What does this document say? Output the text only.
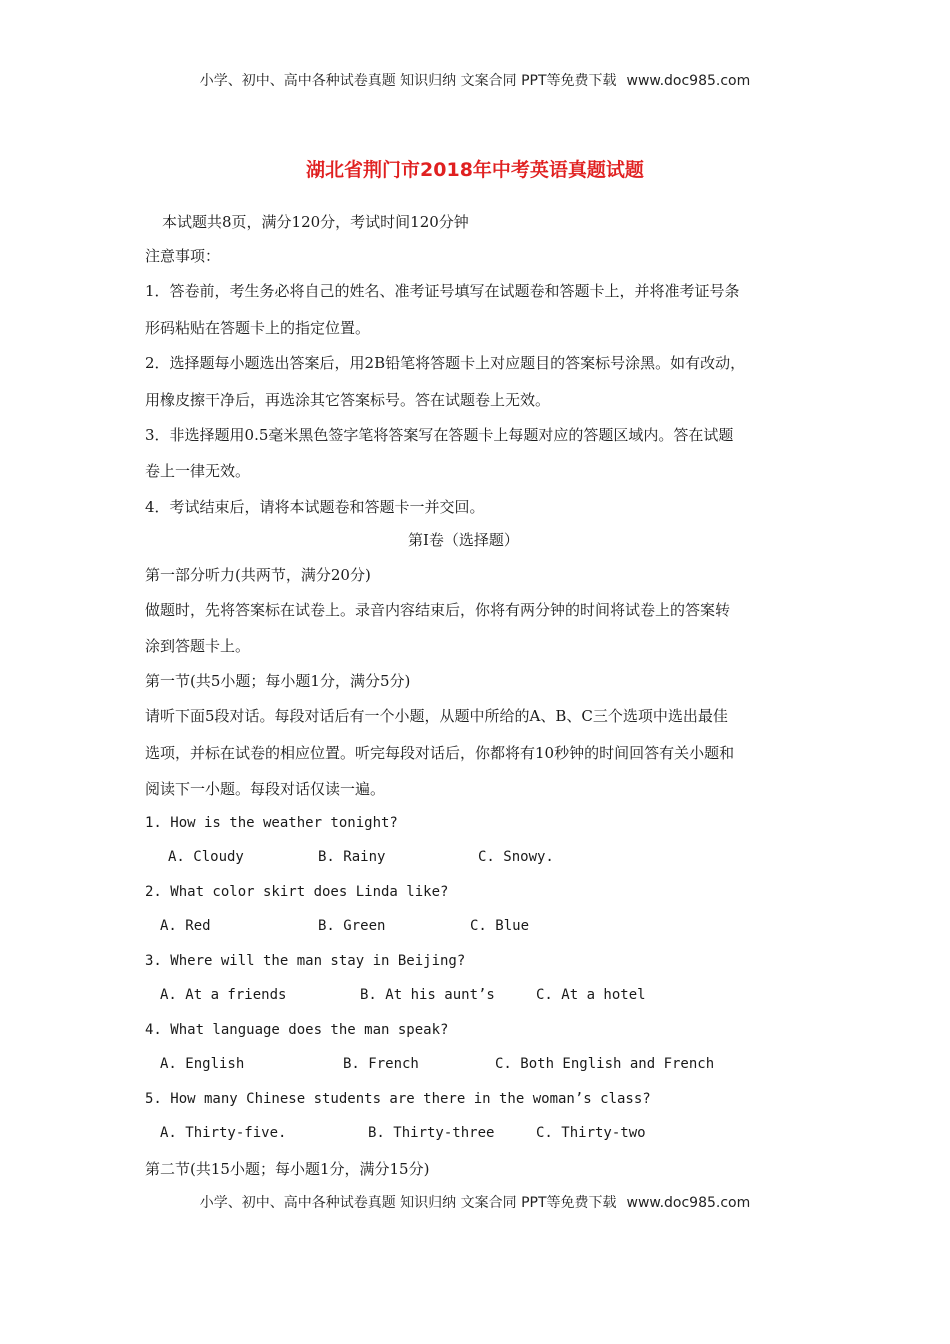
小学、初中、高中各种试卷真题 知识归纳 文案合同 PPT等免费下载 www.doc985.com
湖北省荆门市2018年中考英语真题试题
本试题共8页，满分120分，考试时间120分钟
注意事项：
1．答卷前，考生务必将自己的姓名、准考证号填写在试题卷和答题卡上，并将准考证号条
形码粘贴在答题卡上的指定位置。
2．选择题每小题选出答案后，用2B铅笔将答题卡上对应题目的答案标号涂黑。如有改动，
用橡皮擦干净后，再选涂其它答案标号。答在试题卷上无效。
3．非选择题用0.5毫米黑色签字笔将答案写在答题卡上每题对应的答题区域内。答在试题
卷上一律无效。
4．考试结束后，请将本试题卷和答题卡一并交回。
第I卷（选择题）
第一部分听力(共两节，满分20分)
做题时，先将答案标在试卷上。录音内容结束后，你将有两分钟的时间将试卷上的答案转
涂到答题卡上。
第一节(共5小题；每小题1分，满分5分)
请听下面5段对话。每段对话后有一个小题，从题中所给的A、B、C三个选项中选出最佳
选项，并标在试卷的相应位置。听完每段对话后，你都将有10秒钟的时间回答有关小题和
阅读下一小题。每段对话仅读一遍。
1. How is the weather tonight?
A. Cloudy	B. Rainy	C. Snowy.
2. What color skirt does Linda like?
A. Red	B. Green	C. Blue
3. Where will the man stay in Beijing?
A. At a friends	B. At his aunt’s	C. At a hotel
4. What language does the man speak?
A. English	B. French	C. Both English and French
5. How many Chinese students are there in the woman’s class?
A. Thirty-five.	B. Thirty-three	C. Thirty-two
第二节(共15小题；每小题1分，满分15分)
小学、初中、高中各种试卷真题 知识归纳 文案合同 PPT等免费下载 www.doc985.com
